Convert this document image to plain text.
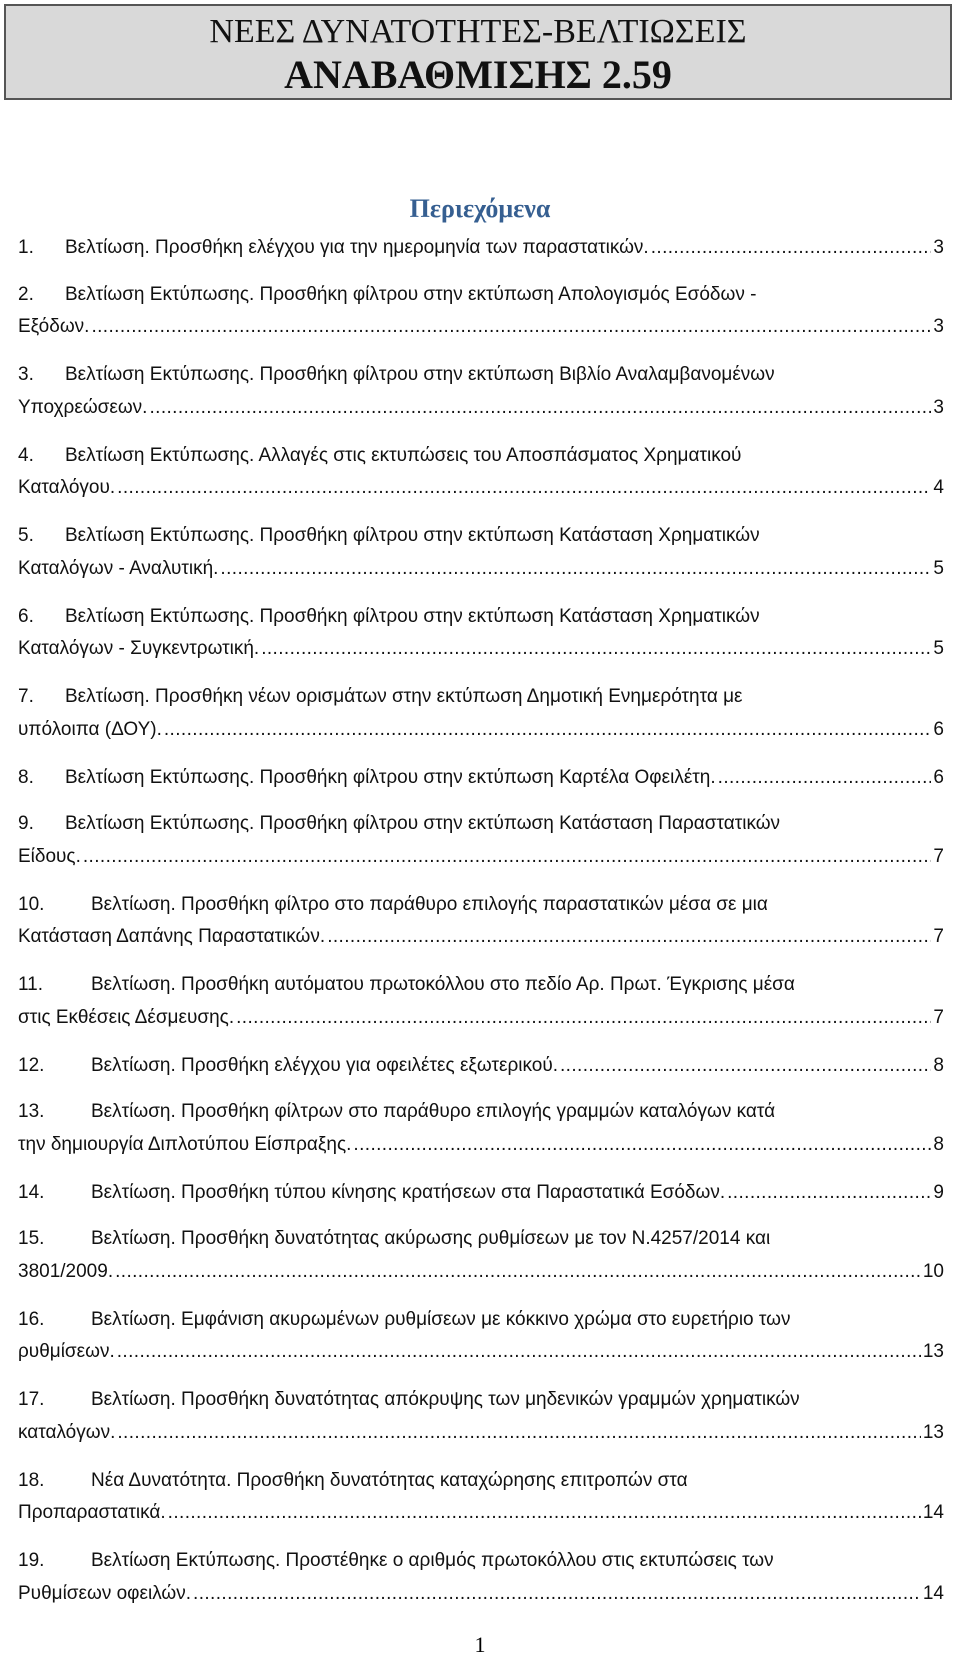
ΝΕΕΣ ΔΥΝΑΤΟΤΗΤΕΣ-ΒΕΛΤΙΩΣΕΙΣ
ΑΝΑΒΑΘΜΙΣΗΣ 2.59
Περιεχόμενα
1.	Βελτίωση. Προσθήκη ελέγχου για την ημερομηνία των παραστατικών. .....	3
2.	Βελτίωση Εκτύπωσης. Προσθήκη φίλτρου στην εκτύπωση Απολογισμός Εσόδων -
Εξόδων. .....	3
3.	Βελτίωση Εκτύπωσης. Προσθήκη φίλτρου στην εκτύπωση Βιβλίο Αναλαμβανομένων
Υποχρεώσεων. .....	3
4.	Βελτίωση Εκτύπωσης. Αλλαγές στις εκτυπώσεις του Αποσπάσματος Χρηματικού
Καταλόγου. .....	4
5.	Βελτίωση Εκτύπωσης. Προσθήκη φίλτρου στην εκτύπωση Κατάσταση Χρηματικών
Καταλόγων - Αναλυτική. .....	5
6.	Βελτίωση Εκτύπωσης. Προσθήκη φίλτρου στην εκτύπωση Κατάσταση Χρηματικών
Καταλόγων - Συγκεντρωτική. .....	5
7.	Βελτίωση. Προσθήκη νέων ορισμάτων στην εκτύπωση Δημοτική Ενημερότητα με
υπόλοιπα (ΔΟΥ). .....	6
8.	Βελτίωση Εκτύπωσης. Προσθήκη φίλτρου στην εκτύπωση Καρτέλα Οφειλέτη. .....	6
9.	Βελτίωση Εκτύπωσης. Προσθήκη φίλτρου στην εκτύπωση Κατάσταση Παραστατικών
Είδους. .....	7
10.	Βελτίωση. Προσθήκη φίλτρο στο παράθυρο επιλογής παραστατικών μέσα σε μια
Κατάσταση Δαπάνης Παραστατικών. .....	7
11.	Βελτίωση. Προσθήκη αυτόματου πρωτοκόλλου στο πεδίο Αρ. Πρωτ. Έγκρισης μέσα
στις Εκθέσεις Δέσμευσης. .....	7
12.	Βελτίωση. Προσθήκη ελέγχου για οφειλέτες εξωτερικού. .....	8
13.	Βελτίωση. Προσθήκη φίλτρων στο παράθυρο επιλογής γραμμών καταλόγων κατά
την δημιουργία Διπλοτύπου Είσπραξης. .....	8
14.	Βελτίωση. Προσθήκη τύπου κίνησης κρατήσεων στα Παραστατικά Εσόδων. .....	9
15.	Βελτίωση. Προσθήκη δυνατότητας ακύρωσης ρυθμίσεων με τον Ν.4257/2014 και
3801/2009. .....	10
16.	Βελτίωση. Εμφάνιση ακυρωμένων ρυθμίσεων με κόκκινο χρώμα στο ευρετήριο των
ρυθμίσεων. .....	13
17.	Βελτίωση. Προσθήκη δυνατότητας απόκρυψης των μηδενικών γραμμών χρηματικών
καταλόγων. .....	13
18.	Νέα Δυνατότητα. Προσθήκη δυνατότητας καταχώρησης επιτροπών στα
Προπαραστατικά. .....	14
19.	Βελτίωση Εκτύπωσης. Προστέθηκε ο αριθμός πρωτοκόλλου στις εκτυπώσεις των
Ρυθμίσεων οφειλών. .....	14
1
